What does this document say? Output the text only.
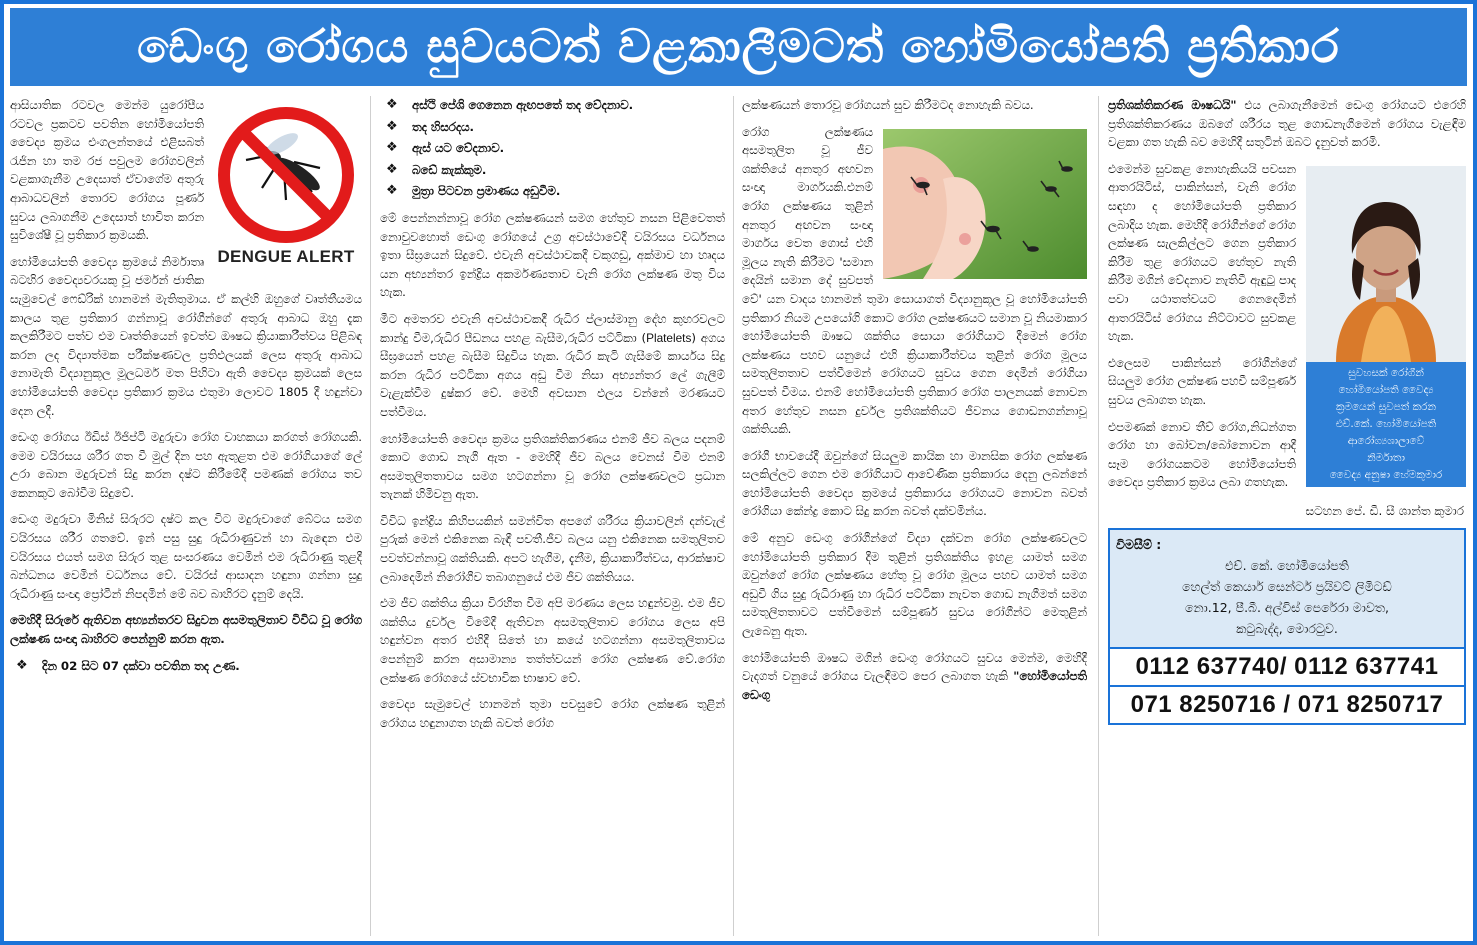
ඩෙංගු රෝගය සුවයටත් වළකාලීමටත් හෝමියෝපති ප්‍රතිකාර
DENGUE ALERT

ආසියාතික රටවල මෙන්ම යුරෝපීය රටවල ප්‍රකටව පවතින හෝමියෝපති වෛද්‍ය ක්‍රමය එංගලන්තයේ එළිසබත් රැජින හා තම රජ පවුලම රෝගවලින් වළකාගැනීම උදෙසාත් ඒවාගේම අතුරු ආබාධවලින් තොරව රෝගය පූර්ණ සුවය ලබාගනීම උදෙසාත් භාවිත කරන සුවිශේෂී වූ ප්‍රතිකාර ක්‍රමයකි.

හෝමියෝපති වෛද්‍ය ක්‍රමයේ නිර්මාතෘ බටහිර වෛද්‍යවරයකු වූ ජර්මන් ජාතික සැමුවෙල් ෆෙඩ්රික් හානමන් මැතිතුමාය. ඒ කල්හි ඔහුගේ වෘත්තීයමය කාලය තුළ ප්‍රතිකාර ගන්නාවූ රෝගීන්ගේ අතුරු ආබාධ ඔහු දැක කලකිරීමට පත්ව එම වෘත්තියෙන් ඉවත්ව ඖෂධ ක්‍රියාකාරීත්වය පිළිබඳ කරන ලද විද්‍යාත්මක පරීක්ෂණවල ප්‍රතිඵලයක් ලෙස අතුරු ආබාධ නොමැති විද්‍යානුකූල මූලධර්ම මත පිහිටා ඇති වෛද්‍ය ක්‍රමයක් ලෙස හෝමියෝපති වෛද්‍ය ප්‍රතිකාර ක්‍රමය එතුමා ලොවට 1805 දී හඳුන්වා දෙන ලදී.

ඩෙංගු රෝගය ඊඩිස් ඊජිප්ටි මදුරුවා රෝග වාහකයා කරගත් රෝගයකි. මෙම වයිරසය ශරීර ගත වී මුල් දින පහ ඇතුළත එම රෝගියාගේ ලේ උරා බොන මදුරුවන් සිදු කරන දෂ්ට කිරීමේදී පමණක් රෝගය තව කෙනකුට බෝවීම සිදුවේ.

ඩෙංගු මදුරුවා මිනිස් සිරුරට දෂ්ට කල විට මදුරුවාගේ බේටය සමග වයිරසය ශරීර ගතවේ. ඉන් පසු සුදු රුධිරාණුවන් හා බැඳෙන එම වයිරසය එයත් සමග සිරුර තුළ සංසරණය වෙමින් එම රුධිරාණු තුළදී බන්ධනය වෙමින් වර්ධනය වේ. වයිරස් ආසාදන හඳුනා ගන්නා සුදු රුධිරාණු සංඥා ප්‍රෝටීන් නිපදමින් මේ බව බාහිරට දැනුම් දෙයි.

මෙහිදී සිරුරේ ඇතිවන අභ්‍යන්තරව සිදුවන අසමතුලිතාව විවිධ වූ රෝග ලක්ෂණ සංඥා බාහිරට පෙන්නුම් කරන ඇත.

❖ දින 02 සිට 07 දක්වා පවතින තද උණ.
❖ අස්ථි පේශි ගෙනෙන ඇඟපතේ තද වේදනාව.
❖ තද හිසරදය.
❖ ඇස් යට වේදනාව.
❖ බඩේ කැක්කුම.
❖ මුත්‍රා පිටවන ප්‍රමාණය අඩුවීම.

මේ පෙන්නන්නාවූ රෝග ලක්ෂණයන් සමග හේතුව නසන පිළිවෙතත් නොවුවහොත් ඩෙංගු රෝගයේ උග්‍ර අවස්ථාවේදී වයිරසය වර්ධනය ඉතා සීඝ්‍රයෙන් සිදුවේ. එවැනි අවස්ථාවකදී වකුගඩු, අක්මාව හා හෘදය යන අභ්‍යන්තර ඉන්ද්‍රිය අකර්මණ්‍යතාව වැනි රෝග ලක්ෂණ මතු විය හැක.

මීට අමතරව එවැනි අවස්ථාවකදී රුධිර ප්ලාස්මානු දේහ කුහරවලට කාන්දු වීම,රුධිර පීඩනය පහළ බැසීම,රුධිර පට්ටිකා (Platelets) අගය සීඝ්‍රයෙන් පහළ බැසීම සිදුවිය හැක. රුධිර කැටි ගැසීමේ කාර්යය සිදු කරන රුධිර පට්ටිකා අගය අඩු වීම නිසා අභ්‍යන්තර ලේ ගැලීම් වැළැක්වීම දුෂ්කර වේ. මෙහි අවසාන ඵලය වන්නේ මරණයට පත්වීමය.

හෝමියෝපති වෛද්‍ය ක්‍රමය ප්‍රතිශක්තිකරණය එනම් ජීව බලය පදනම් කොට ගොඩ නැගී ඇත - මෙහිදී ජීව බලය වෙනස් වීම එනම් අසමතුලිතතාවය සමග හටගන්නා වූ රෝග ලක්ෂණවලට ප්‍රධාන තැනක් හිමිවනු ඇත.

විවිධ ඉන්ද්‍රිය කිහිපයකින් සමන්විත අපගේ ශරීරය ක්‍රියාවලින් දන්වැල් පුරුක් මෙන් එකිනෙක බැඳී පවතී.ජීව බලය යනු එකිනෙක සමතුලිතව පවත්වන්නාවූ ශක්තියකි. අපට හැගීම, දැනීම, ක්‍රියාකාරීත්වය, ආරක්ෂාව ලබාදෙමින් නිරෝගීව තබාගනුයේ එම ජීව ශක්තියය.

එම ජීව ශක්තිය ක්‍රියා විරහිත වීම අපි මරණය ලෙස හඳුන්වමු. එම ජීව ශක්තිය දුර්වල වීමේදී ඇතිවන අසමතුලිතාව රෝගය ලෙස අපි හඳුන්වන අතර එහිදී සිතේ හා කයේ හටගන්නා අසමතුලිතාවය පෙන්නුම් කරන අසාමාන්‍ය තත්ත්වයන් රෝග ලක්ෂණ වේ.රෝග ලක්ෂණ රෝගයේ ස්වභාවික භාෂාව වේ.

වෛද්‍ය සැමුවෙල් හානමන් තුමා පවසුවේ රෝග ලක්ෂණ තුළින් රෝගය හඳුනාගත හැකි බවත් රෝග

ලක්ෂණයන් තොරවූ රෝගයන් සුව කිරීමටද නොහැකි බවය.

රෝග ලක්ෂණය අසමතුලිත වූ ජීව ශක්තියේ අනතුර අඟවන සංඥා මාර්ගයකි.එනම් රෝග ලක්ෂණය තුළින් අනතුර අඟවන සංඥා මාර්ගය වෙත ගොස් එහි මූලය නැති කිරීමට 'සමාන දෙයින් සමාන දේ සුවපත් වේ' යන වාදය හානමන් තුමා සොයාගත් විද්‍යානුකූල වූ හෝමියෝපති ප්‍රතිකාර නියම උපයෝගි කොට රෝග ලක්ෂණයට සමාන වූ නියමාකාර හෝමියෝපති ඖෂධ ශක්තිය සොයා රෝගියාට දීමෙන් රෝග ලක්ෂණය පහව යනුයේ එහි ක්‍රියාකාරීත්වය තුළින් රෝග මූලය සමතුලිතතාව පත්වීමෙන් රෝගයට සුවය ගෙන දෙමින් රෝගියා සුවපත් වීමය. එනම් හෝමියෝපති ප්‍රතිකාර රෝග පාලනයක් නොවන අතර හේතුව නසන දුර්වල ප්‍රතිශක්තියට ජීවනය ගොඩනගන්නාවූ ශක්තියකි.

රෝගී භාවයේදී ඔවුන්ගේ සියලුම කායික හා මානසික රෝග ලක්ෂණ සලකිල්ලට ගෙන එම රෝගියාට ආවේණික ප්‍රතිකාරය දෙනු ලබන්නේ හෝමියෝපති වෛද්‍ය ක්‍රමයේ ප්‍රතිකාරය රෝගයට නොවන බවත් රෝගියා කේන්ද්‍ර කොට සිදු කරන බවත් දක්වමින්ය.

මේ අනුව ඩෙංගු රෝගීන්ගේ විද්‍යා දක්වන රෝග ලක්ෂණවලට හෝමියෝපති ප්‍රතිකාර දීම තුළින් ප්‍රතිශක්තිය ඉහළ යාමත් සමග ඔවුන්ගේ රෝග ලක්ෂණය හේතු වූ රෝග මූලය පහව යාමත් සමග අඩුවී ගිය සුදු රුධිරාණු හා රුධිර පට්ටිකා නැවත ගොඩ නැගීමත් සමග සමතුලිතතාවට පත්වීමෙන් සම්පූර්ණ සුවය රෝගීන්ට මෙතුළින් ලැබෙනු ඇත.

හෝමියෝපති ඖෂධ මගින් ඩෙංගු රෝගයට සුවය මෙන්ම, මෙහිදී වැදගත් වනුයේ රෝගය වැලඳීමට පෙර ලබාගත හැකි "හෝමියෝපති ඩෙංගු

ප්‍රතිශක්තිකරණ ඖෂධයි" එය ලබාගැනීමෙන් ඩෙංගු රෝගයට එරෙහි ප්‍රතිශක්තිකරණය ඔබගේ ශරීරය තුළ ගොඩනැගීමෙන් රෝගය වැළඳීම වළකා ගත හැකි බව මෙහිදී සතුටින් ඔබට දැනුවත් කරමි.

සුවහසක් රෝගීන්
හෝමියෝපති වෛද්‍ය
ක්‍රමයෙන් සුවපත් කරන
එච්.කේ. හෝමියෝපති
ආරෝග්‍යශාලාවේ
නිර්මාතා
වෛද්‍ය අනුෂා හේමකුමාර

එමෙන්ම සුවකළ නොහැකියයි පවසන ආතරයිටිස්, පාකින්සන්, වැනි රෝග සඳහා ද හෝමියෝපති ප්‍රතිකාර ලබාදිය හැක. මෙහිදී රෝගීන්ගේ රෝග ලක්ෂණ සැලකිල්ලට ගෙන ප්‍රතිකාර කිරීම තුළ රෝගයට හේතුව නැති කිරීම මගින් වේදනාව නැතිවී ඇඳුටු පාද පවා යථාතත්වයට ගෙනදෙමින් ආතරයිටිස් රෝගය නිට්ටාවට සුවකළ හැක.

එලෙසම පාකින්සන් රෝගීන්ගේ සියලුම රෝග ලක්ෂණ පහවී සම්පූර්ණ සුවය ලබාගත හැක.

එපමණක් නොව තීව් රෝග,නිධන්ගත රෝග හා බෝවන/බෝනොවන ආදී සෑම රෝගයකටම හෝමියෝපති වෛද්‍ය ප්‍රතිකාර ක්‍රමය ලබා ගතහැක.

සටහන පේ. ඩී. සී ශාන්ත කුමාර
විමසීම් :
එච්. කේ. හෝමියෝපති
හෙල්ත් කෙයාර් සෙන්ටර් ප්‍රයිවට් ලිමිටඩ්
නො.12, පී.බී. අල්විස් පෙරේරා මාවත,
කටුබැද්ද, මොරටුව.
0112 637740/ 0112 637741
071 8250716 / 071 8250717
